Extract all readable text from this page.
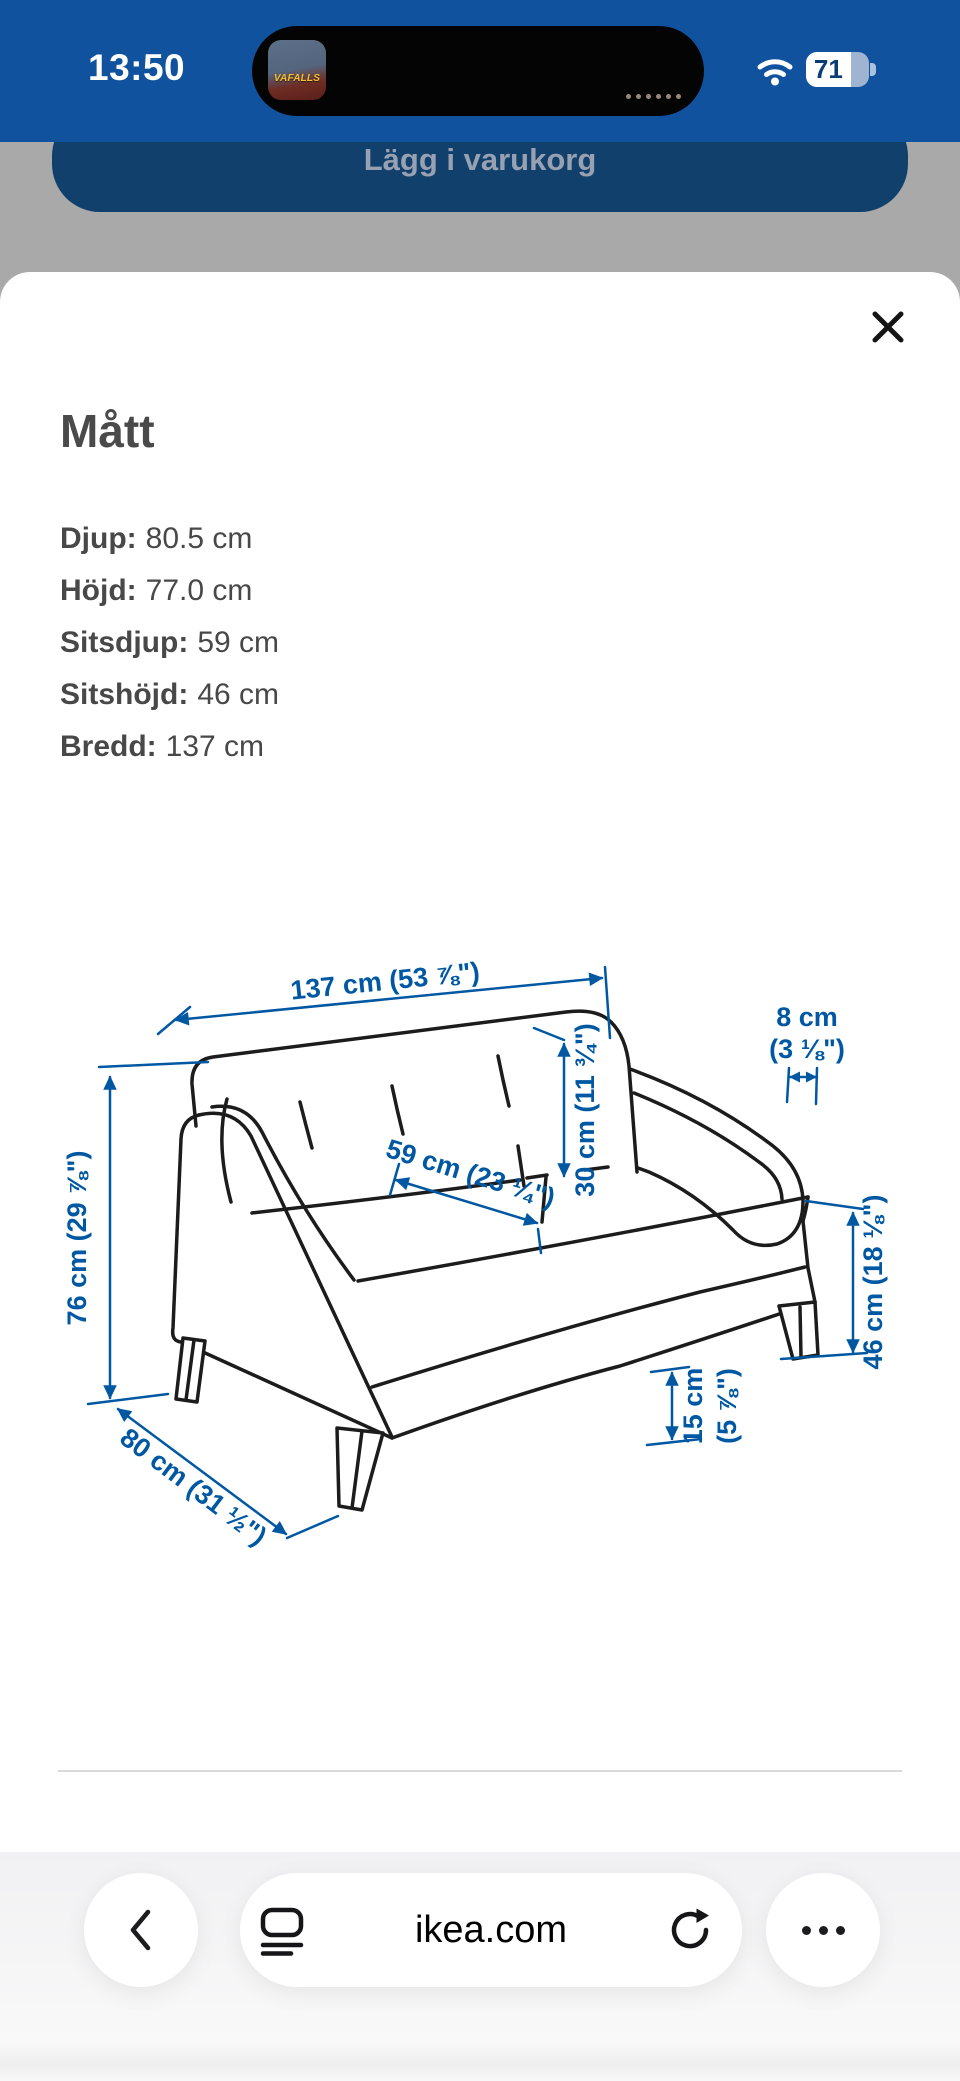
13:50	VAFALLS	71
Lägg i varukorg
Mått
Djup: 80.5 cm
Höjd: 77.0 cm
Sitsdjup: 59 cm
Sitshöjd: 46 cm
Bredd: 137 cm
137 cm (53 ⅞")
8 cm
(3 ⅛")
30 cm (11 ¾")
59 cm (23 ¼")
76 cm (29 ⅞")
80 cm (31 ½")
46 cm (18 ⅛")
15 cm (5 ⅞")
ikea.com
